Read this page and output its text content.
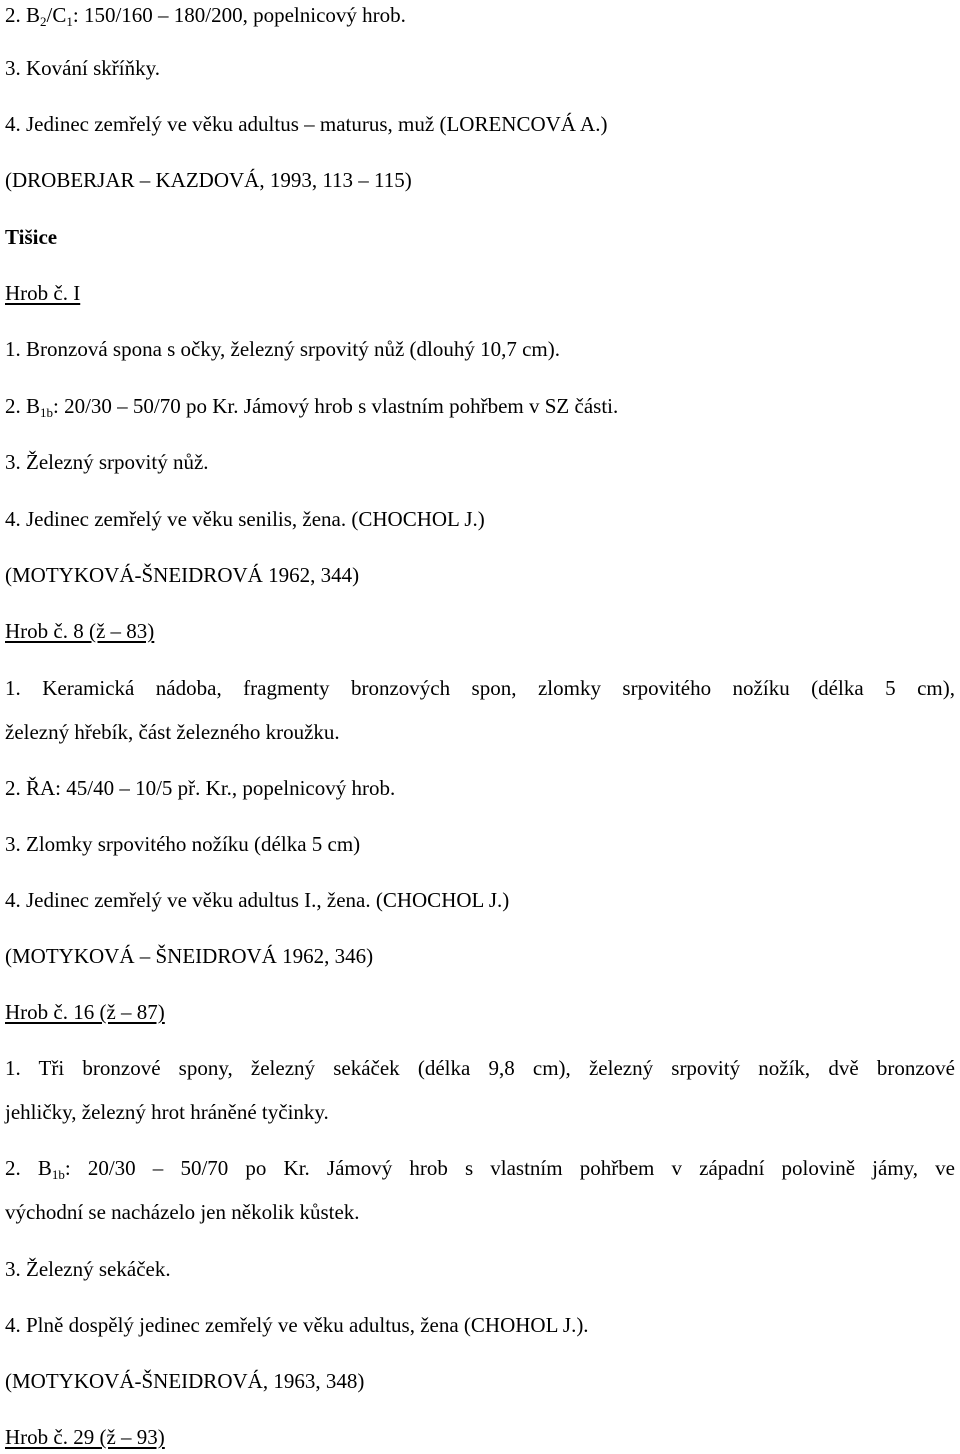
2. $B_2/C_1$: 150/160 – 180/200, popelnicový hrob.
3. Kování skříňky.
4. Jedinec zemřelý ve věku adultus – maturus, muž (LORENCOVÁ A.)
(DROBERJAR – KAZDOVÁ, 1993, 113 – 115)
Tišice
Hrob č. I
1. Bronzová spona s očky, železný srpovitý nůž (dlouhý 10,7 cm).
2. $B_{1b}$: 20/30 – 50/70 po Kr. Jámový hrob s vlastním pohřbem v SZ části.
3. Železný srpovitý nůž.
4. Jedinec zemřelý ve věku senilis, žena. (CHOCHOL J.)
(MOTYKOVÁ-ŠNEIDROVÁ 1962, 344)
Hrob č. 8 (ž – 83)
1. Keramická nádoba, fragmenty bronzových spon, zlomky srpovitého nožíku (délka 5 cm),
železný hřebík, část železného kroužku.
2. ŘA: 45/40 – 10/5 př. Kr., popelnicový hrob.
3. Zlomky srpovitého nožíku (délka 5 cm)
4. Jedinec zemřelý ve věku adultus I., žena. (CHOCHOL J.)
(MOTYKOVÁ – ŠNEIDROVÁ 1962, 346)
Hrob č. 16 (ž – 87)
1. Tři bronzové spony, železný sekáček (délka 9,8 cm), železný srpovitý nožík, dvě bronzové
jehličky, železný hrot hráněné tyčinky.
2. $B_{1b}$: 20/30 – 50/70 po Kr. Jámový hrob s vlastním pohřbem v západní polovině jámy, ve
východní se nacházelo jen několik kůstek.
3. Železný sekáček.
4. Plně dospělý jedinec zemřelý ve věku adultus, žena (CHOHOL J.).
(MOTYKOVÁ-ŠNEIDROVÁ, 1963, 348)
Hrob č. 29 (ž – 93)
